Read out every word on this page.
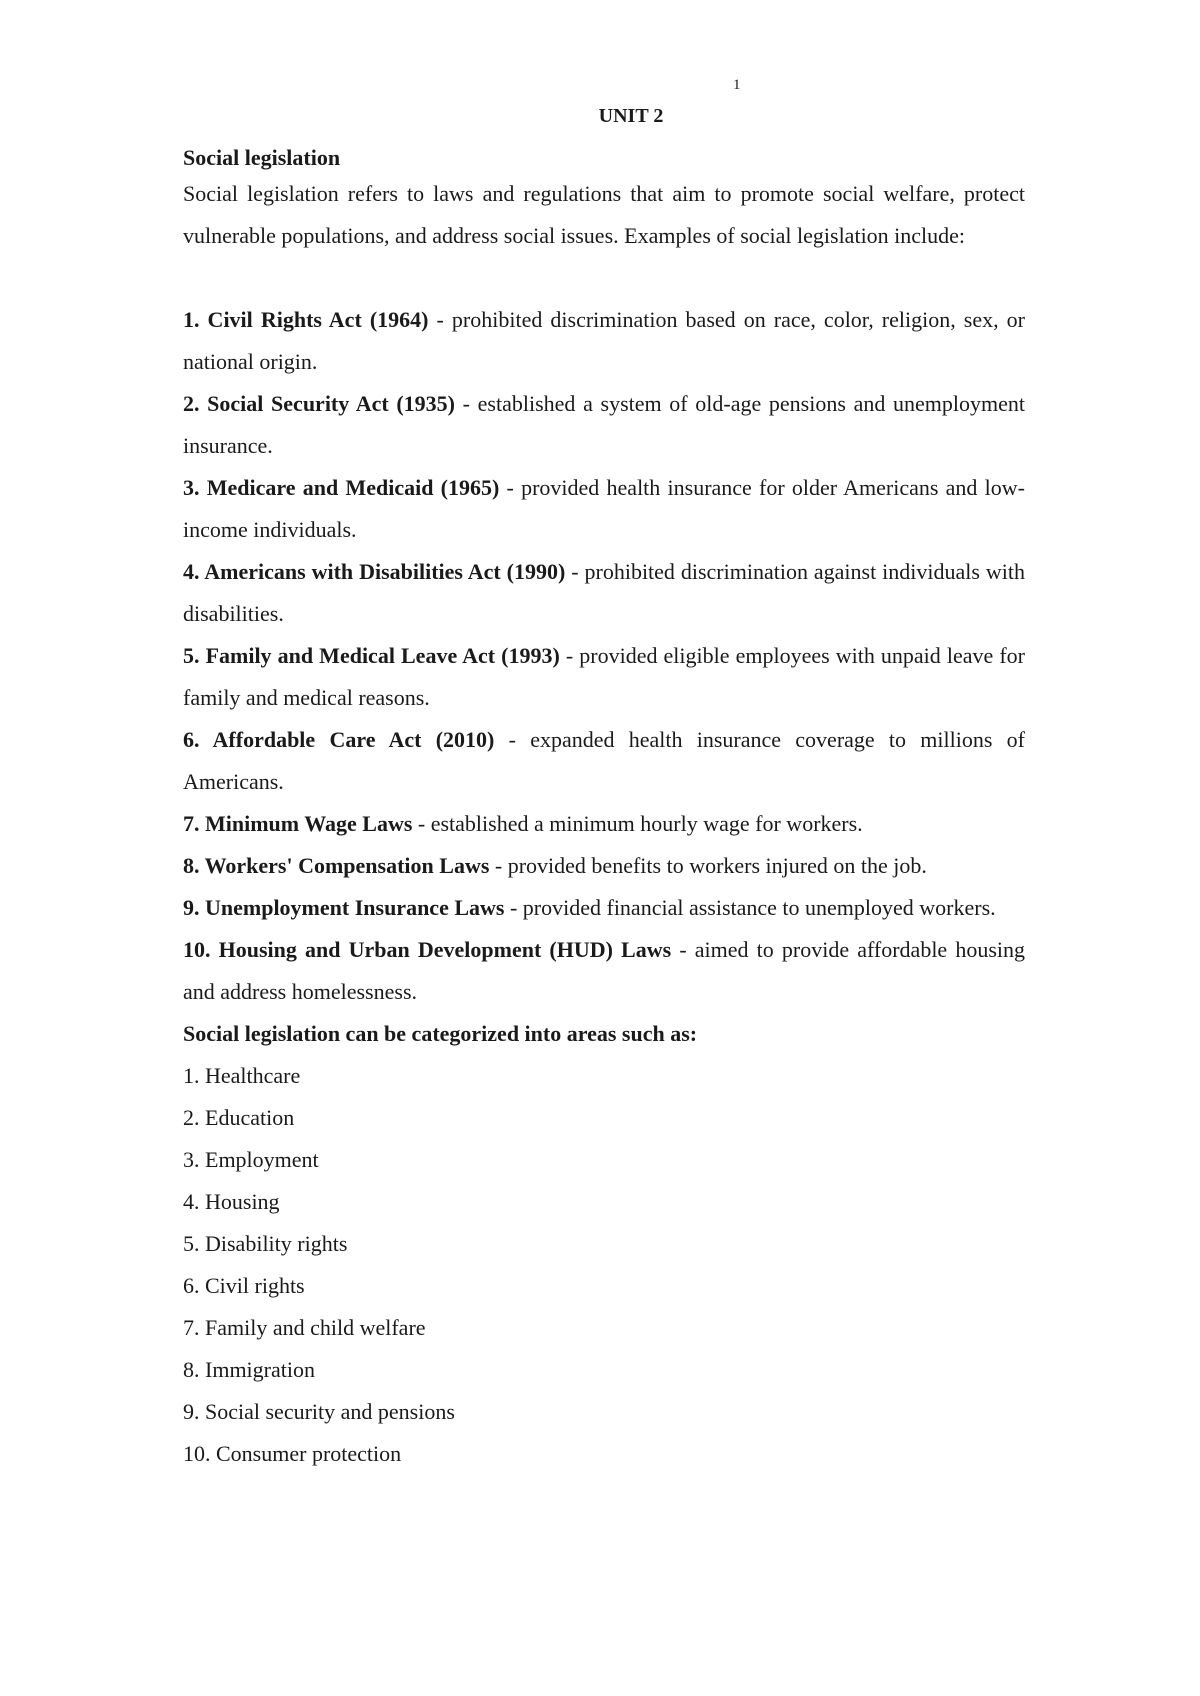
1
UNIT 2
Social legislation

Social legislation refers to laws and regulations that aim to promote social welfare, protect vulnerable populations, and address social issues. Examples of social legislation include:

1. Civil Rights Act (1964) - prohibited discrimination based on race, color, religion, sex, or national origin.
2. Social Security Act (1935) - established a system of old-age pensions and unemployment insurance.
3. Medicare and Medicaid (1965) - provided health insurance for older Americans and low-income individuals.
4. Americans with Disabilities Act (1990) - prohibited discrimination against individuals with disabilities.
5. Family and Medical Leave Act (1993) - provided eligible employees with unpaid leave for family and medical reasons.
6. Affordable Care Act (2010) - expanded health insurance coverage to millions of Americans.
7. Minimum Wage Laws - established a minimum hourly wage for workers.
8. Workers' Compensation Laws - provided benefits to workers injured on the job.
9. Unemployment Insurance Laws - provided financial assistance to unemployed workers.
10. Housing and Urban Development (HUD) Laws - aimed to provide affordable housing and address homelessness.

Social legislation can be categorized into areas such as:

1. Healthcare
2. Education
3. Employment
4. Housing
5. Disability rights
6. Civil rights
7. Family and child welfare
8. Immigration
9. Social security and pensions
10. Consumer protection
